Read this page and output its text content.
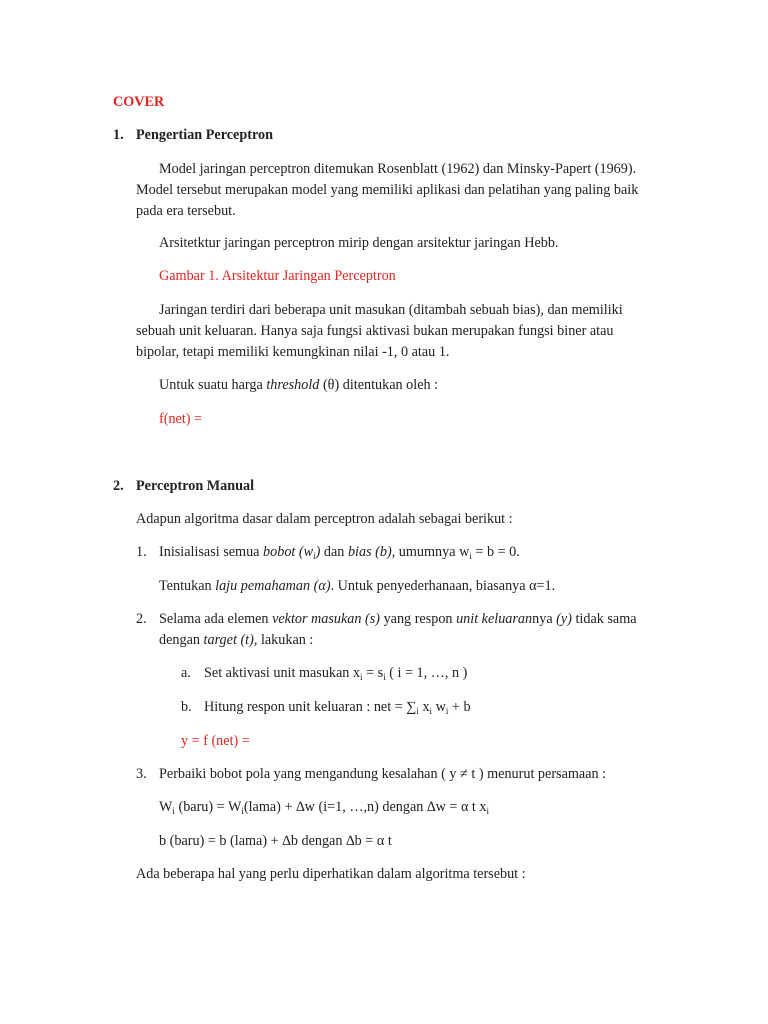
COVER
1. Pengertian Perceptron
Model jaringan perceptron ditemukan Rosenblatt (1962) dan Minsky-Papert (1969).
Model tersebut merupakan model yang memiliki aplikasi dan pelatihan yang paling baik
pada era tersebut.
Arsitetktur jaringan perceptron mirip dengan arsitektur jaringan Hebb.
Gambar 1. Arsitektur Jaringan Perceptron
Jaringan terdiri dari beberapa unit masukan (ditambah sebuah bias), dan memiliki
sebuah unit keluaran. Hanya saja fungsi aktivasi bukan merupakan fungsi biner atau
bipolar, tetapi memiliki kemungkinan nilai -1, 0 atau 1.
Untuk suatu harga threshold (θ) ditentukan oleh :
f(net) =
2. Perceptron Manual
Adapun algoritma dasar dalam perceptron adalah sebagai berikut :
1. Inisialisasi semua bobot $(w_i)$ dan bias (b), umumnya $w_i = b = 0$.
Tentukan laju pemahaman (α). Untuk penyederhanaan, biasanya α=1.
2. Selama ada elemen vektor masukan (s) yang respon unit keluarannya (y) tidak sama
dengan target (t), lakukan :
a. Set aktivasi unit masukan $x_i = s_i$ ( i = 1, …, n )
b. Hitung respon unit keluaran : net = $\sum_i$ $x_i$ $w_i + b$
y = f (net) =
3. Perbaiki bobot pola yang mengandung kesalahan ( y ≠ t ) menurut persamaan :
$W_i$ (baru) = $W_i(lama) + \Delta w$ (i=1, …,n) dengan ∆w = α t $x_i$
b (baru) = b (lama) + ∆b dengan ∆b = α t
Ada beberapa hal yang perlu diperhatikan dalam algoritma tersebut :
